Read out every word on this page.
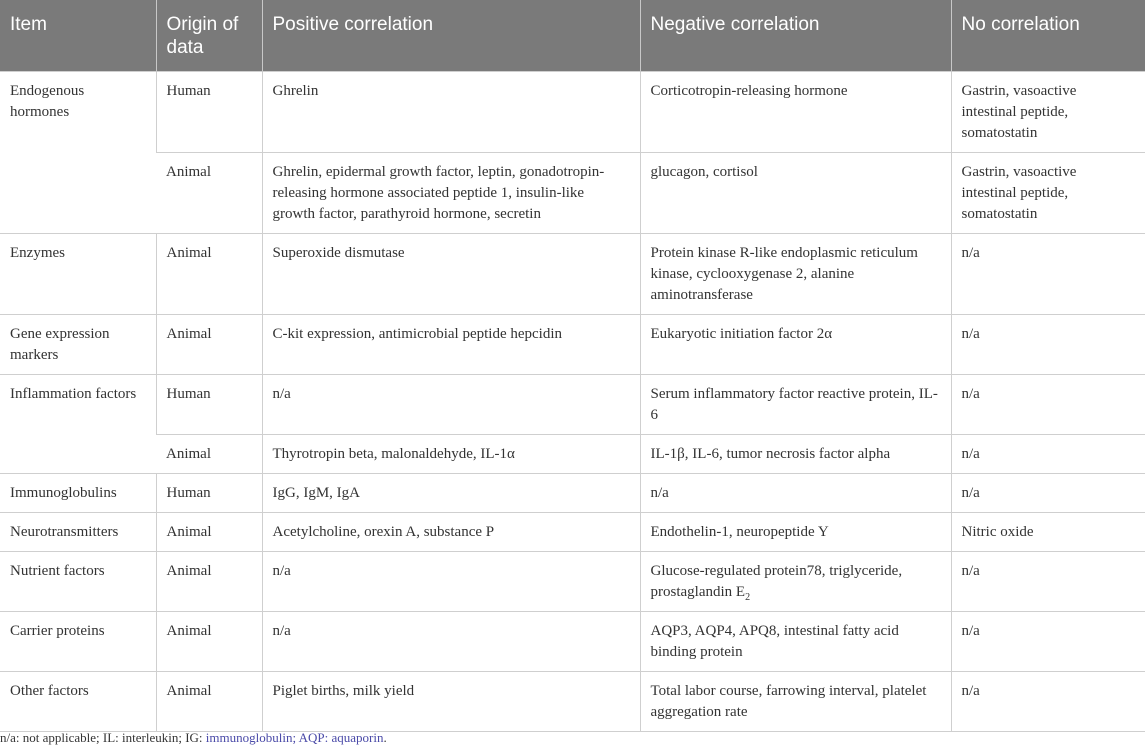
Item	Origin of data	Positive correlation	Negative correlation	No correlation
Endogenous hormones	Human	Ghrelin	Corticotropin-releasing hormone	Gastrin, vasoactive intestinal peptide, somatostatin
	Animal	Ghrelin, epidermal growth factor, leptin, gonadotropin-releasing hormone associated peptide 1, insulin-like growth factor, parathyroid hormone, secretin	glucagon, cortisol	Gastrin, vasoactive intestinal peptide, somatostatin
Enzymes	Animal	Superoxide dismutase	Protein kinase R-like endoplasmic reticulum kinase, cyclooxygenase 2, alanine aminotransferase	n/a
Gene expression markers	Animal	C-kit expression, antimicrobial peptide hepcidin	Eukaryotic initiation factor 2α	n/a
Inflammation factors	Human	n/a	Serum inflammatory factor reactive protein, IL-6	n/a
	Animal	Thyrotropin beta, malonaldehyde, IL-1α	IL-1β, IL-6, tumor necrosis factor alpha	n/a
Immunoglobulins	Human	IgG, IgM, IgA	n/a	n/a
Neurotransmitters	Animal	Acetylcholine, orexin A, substance P	Endothelin-1, neuropeptide Y	Nitric oxide
Nutrient factors	Animal	n/a	Glucose-regulated protein78, triglyceride, prostaglandin $E_2$	n/a
Carrier proteins	Animal	n/a	AQP3, AQP4, APQ8, intestinal fatty acid binding protein	n/a
Other factors	Animal	Piglet births, milk yield	Total labor course, farrowing interval, platelet aggregation rate	n/a
n/a: not applicable; IL: interleukin; IG: immunoglobulin; AQP: aquaporin.
